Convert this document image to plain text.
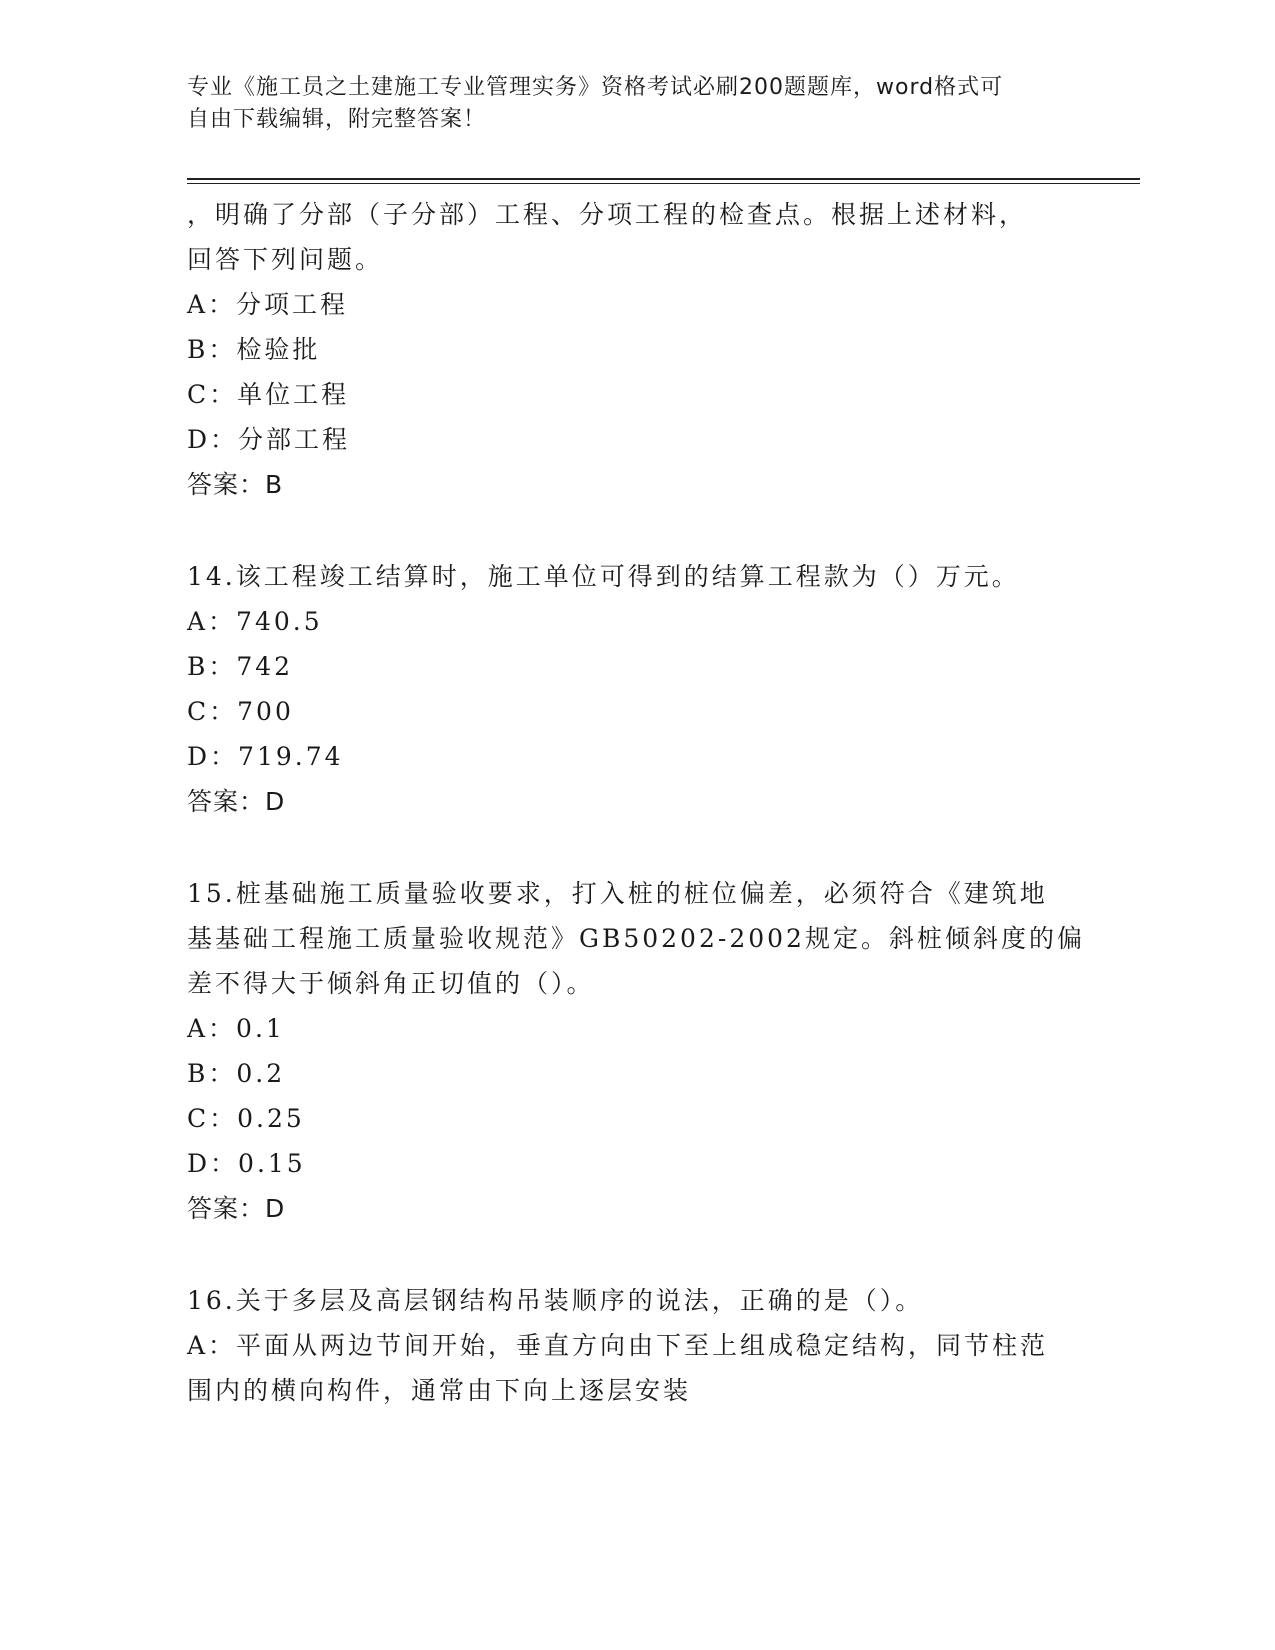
专业《施工员之土建施工专业管理实务》资格考试必刷200题题库，word格式可
自由下载编辑，附完整答案！
，明确了分部（子分部）工程、分项工程的检查点。根据上述材料，
回答下列问题。
A：分项工程
B：检验批
C：单位工程
D：分部工程
答案：B
14.该工程竣工结算时，施工单位可得到的结算工程款为（）万元。
A：740.5
B：742
C：700
D：719.74
答案：D
15.桩基础施工质量验收要求，打入桩的桩位偏差，必须符合《建筑地
基基础工程施工质量验收规范》GB50202-2002规定。斜桩倾斜度的偏
差不得大于倾斜角正切值的（）。
A：0.1
B：0.2
C：0.25
D：0.15
答案：D
16.关于多层及高层钢结构吊装顺序的说法，正确的是（）。
A：平面从两边节间开始，垂直方向由下至上组成稳定结构，同节柱范
围内的横向构件，通常由下向上逐层安装
